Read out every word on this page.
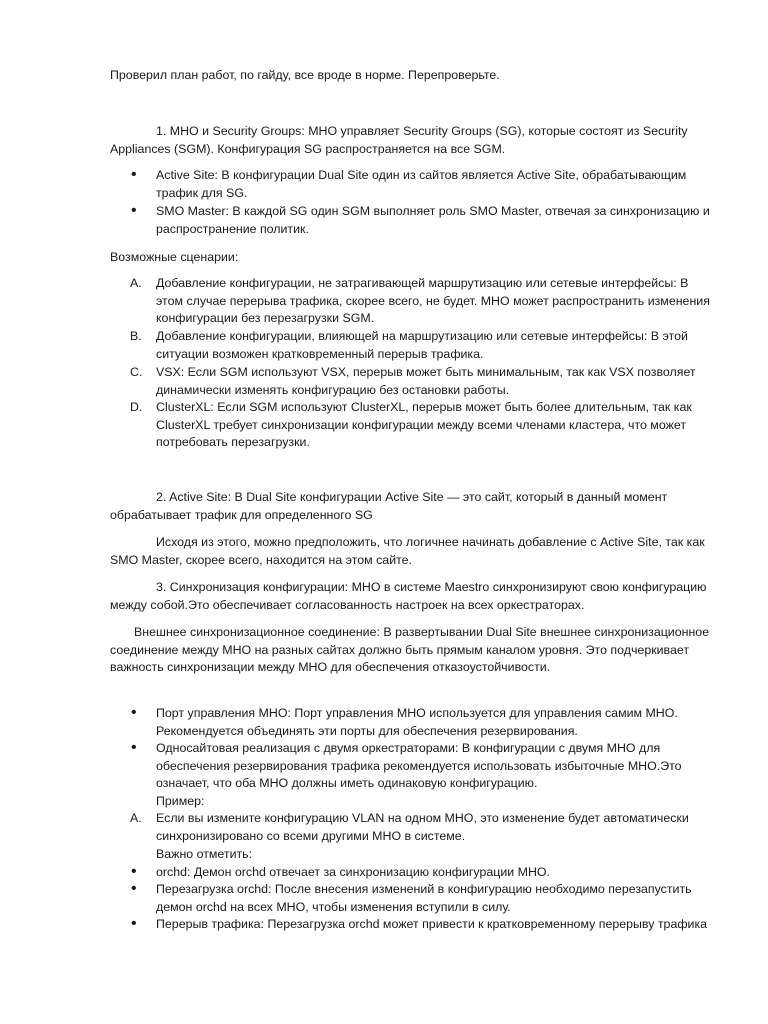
Проверил план работ, по гайду, все вроде в норме. Перепроверьте.

1. MHO и Security Groups: MHO управляет Security Groups (SG), которые состоят из Security Appliances (SGM). Конфигурация SG распространяется на все SGM.

• Active Site: В конфигурации Dual Site один из сайтов является Active Site, обрабатывающим трафик для SG.
• SMO Master: В каждой SG один SGM выполняет роль SMO Master, отвечая за синхронизацию и распространение политик.

Возможные сценарии:

A. Добавление конфигурации, не затрагивающей маршрутизацию или сетевые интерфейсы: В этом случае перерыва трафика, скорее всего, не будет. MHO может распространить изменения конфигурации без перезагрузки SGM.
B. Добавление конфигурации, влияющей на маршрутизацию или сетевые интерфейсы: В этой ситуации возможен кратковременный перерыв трафика.
C. VSX: Если SGM используют VSX, перерыв может быть минимальным, так как VSX позволяет динамически изменять конфигурацию без остановки работы.
D. ClusterXL: Если SGM используют ClusterXL, перерыв может быть более длительным, так как ClusterXL требует синхронизации конфигурации между всеми членами кластера, что может потребовать перезагрузки.

2. Active Site: В Dual Site конфигурации Active Site — это сайт, который в данный момент обрабатывает трафик для определенного SG

Исходя из этого, можно предположить, что логичнее начинать добавление с Active Site, так как SMO Master, скорее всего, находится на этом сайте.

3. Синхронизация конфигурации: MHO в системе Maestro синхронизируют свою конфигурацию между собой.Это обеспечивает согласованность настроек на всех оркестраторах.

Внешнее синхронизационное соединение: В развертывании Dual Site внешнее синхронизационное соединение между MHO на разных сайтах должно быть прямым каналом уровня. Это подчеркивает важность синхронизации между MHO для обеспечения отказоустойчивости.

• Порт управления MHO: Порт управления MHO используется для управления самим MHO. Рекомендуется объединять эти порты для обеспечения резервирования.
• Односайтовая реализация с двумя оркестраторами: В конфигурации с двумя MHO для обеспечения резервирования трафика рекомендуется использовать избыточные MHO.Это означает, что оба MHO должны иметь одинаковую конфигурацию.
Пример:
A. Если вы измените конфигурацию VLAN на одном MHO, это изменение будет автоматически синхронизировано со всеми другими MHO в системе.
Важно отметить:
• orchd: Демон orchd отвечает за синхронизацию конфигурации MHO.
• Перезагрузка orchd: После внесения изменений в конфигурацию необходимо перезапустить демон orchd на всех MHO, чтобы изменения вступили в силу.
• Перерыв трафика: Перезагрузка orchd может привести к кратковременному перерыву трафика
